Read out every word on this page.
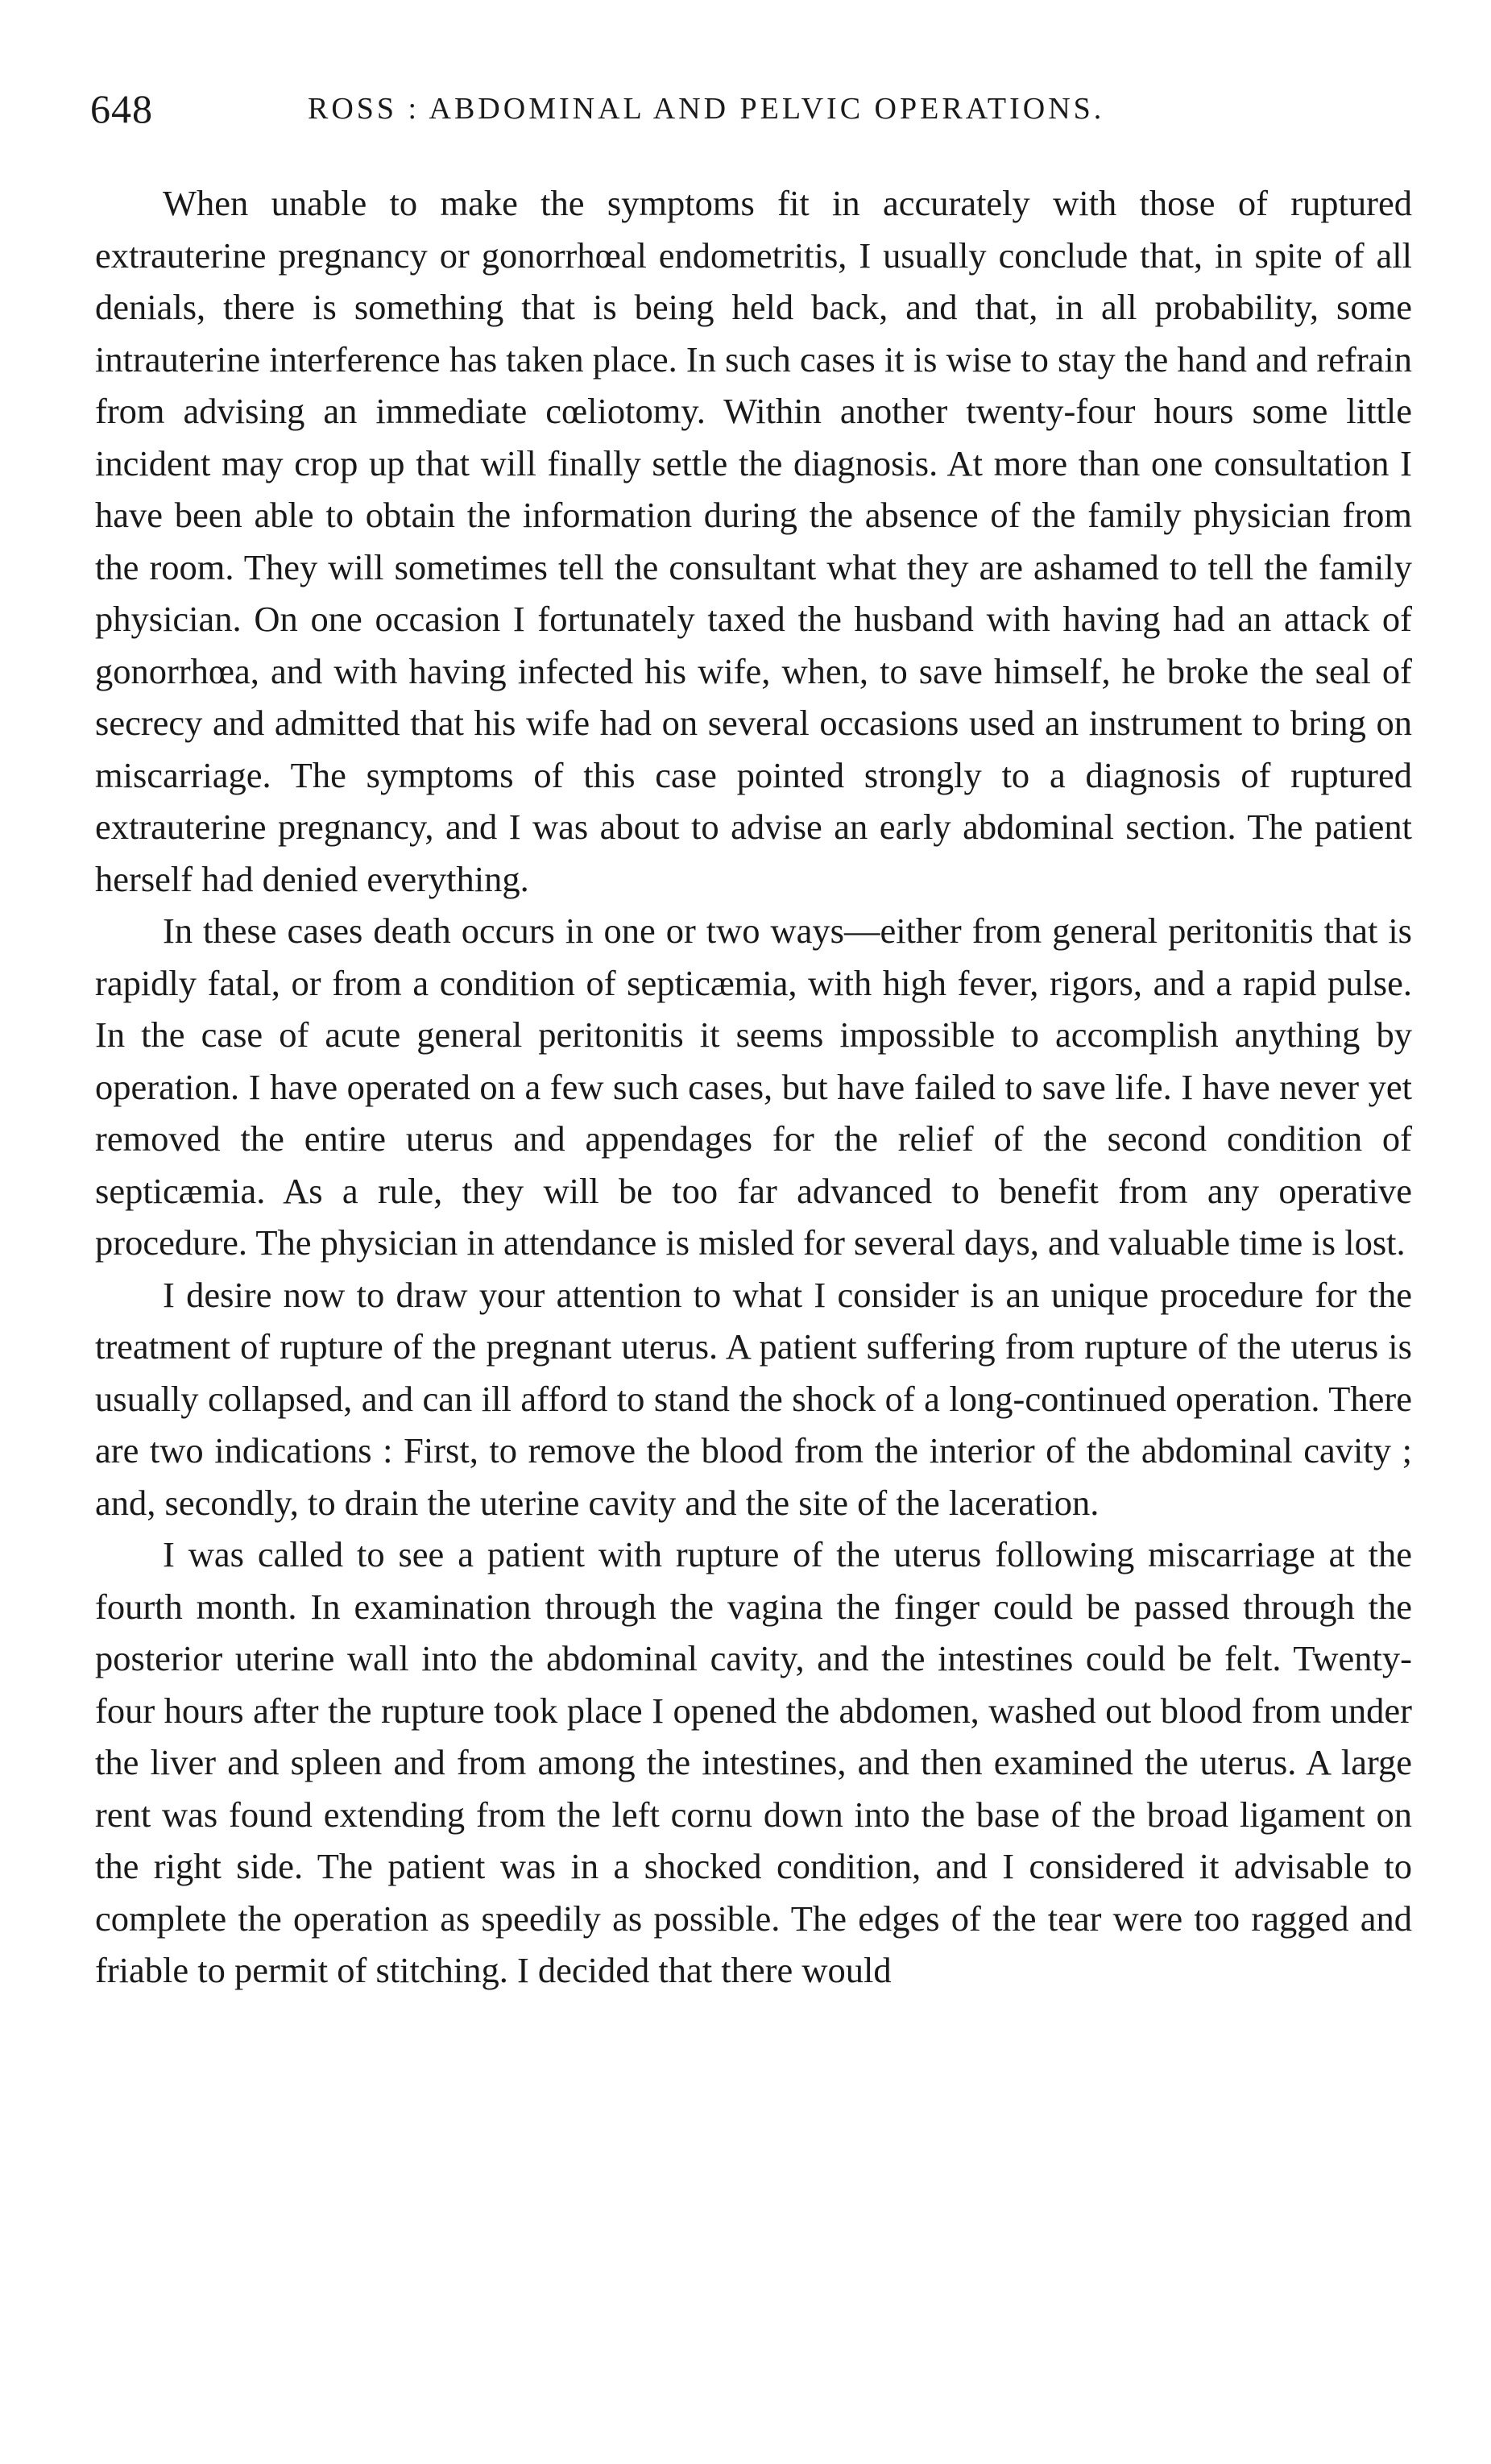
648	ROSS : ABDOMINAL AND PELVIC OPERATIONS.

When unable to make the symptoms fit in accurately with those of ruptured extrauterine pregnancy or gonorrhœal endometritis, I usually conclude that, in spite of all denials, there is something that is being held back, and that, in all probability, some intrauterine interference has taken place. In such cases it is wise to stay the hand and refrain from advising an immediate cœliotomy. Within another twenty-four hours some little incident may crop up that will finally settle the diagnosis. At more than one consultation I have been able to obtain the information during the absence of the family physician from the room. They will sometimes tell the consultant what they are ashamed to tell the family physician. On one occasion I fortunately taxed the husband with having had an attack of gonorrhœa, and with having infected his wife, when, to save himself, he broke the seal of secrecy and admitted that his wife had on several occasions used an instrument to bring on miscarriage. The symptoms of this case pointed strongly to a diagnosis of ruptured extrauterine pregnancy, and I was about to advise an early abdominal section. The patient herself had denied everything.

In these cases death occurs in one or two ways—either from general peritonitis that is rapidly fatal, or from a condition of septicæmia, with high fever, rigors, and a rapid pulse. In the case of acute general peritonitis it seems impossible to accomplish anything by operation. I have operated on a few such cases, but have failed to save life. I have never yet removed the entire uterus and appendages for the relief of the second condition of septicæmia. As a rule, they will be too far advanced to benefit from any operative procedure. The physician in attendance is misled for several days, and valuable time is lost.

I desire now to draw your attention to what I consider is an unique procedure for the treatment of rupture of the pregnant uterus. A patient suffering from rupture of the uterus is usually collapsed, and can ill afford to stand the shock of a long-continued operation. There are two indications : First, to remove the blood from the interior of the abdominal cavity ; and, secondly, to drain the uterine cavity and the site of the laceration.

I was called to see a patient with rupture of the uterus following miscarriage at the fourth month. In examination through the vagina the finger could be passed through the posterior uterine wall into the abdominal cavity, and the intestines could be felt. Twenty-four hours after the rupture took place I opened the abdomen, washed out blood from under the liver and spleen and from among the intestines, and then examined the uterus. A large rent was found extending from the left cornu down into the base of the broad ligament on the right side. The patient was in a shocked condition, and I considered it advisable to complete the operation as speedily as possible. The edges of the tear were too ragged and friable to permit of stitching. I decided that there would
